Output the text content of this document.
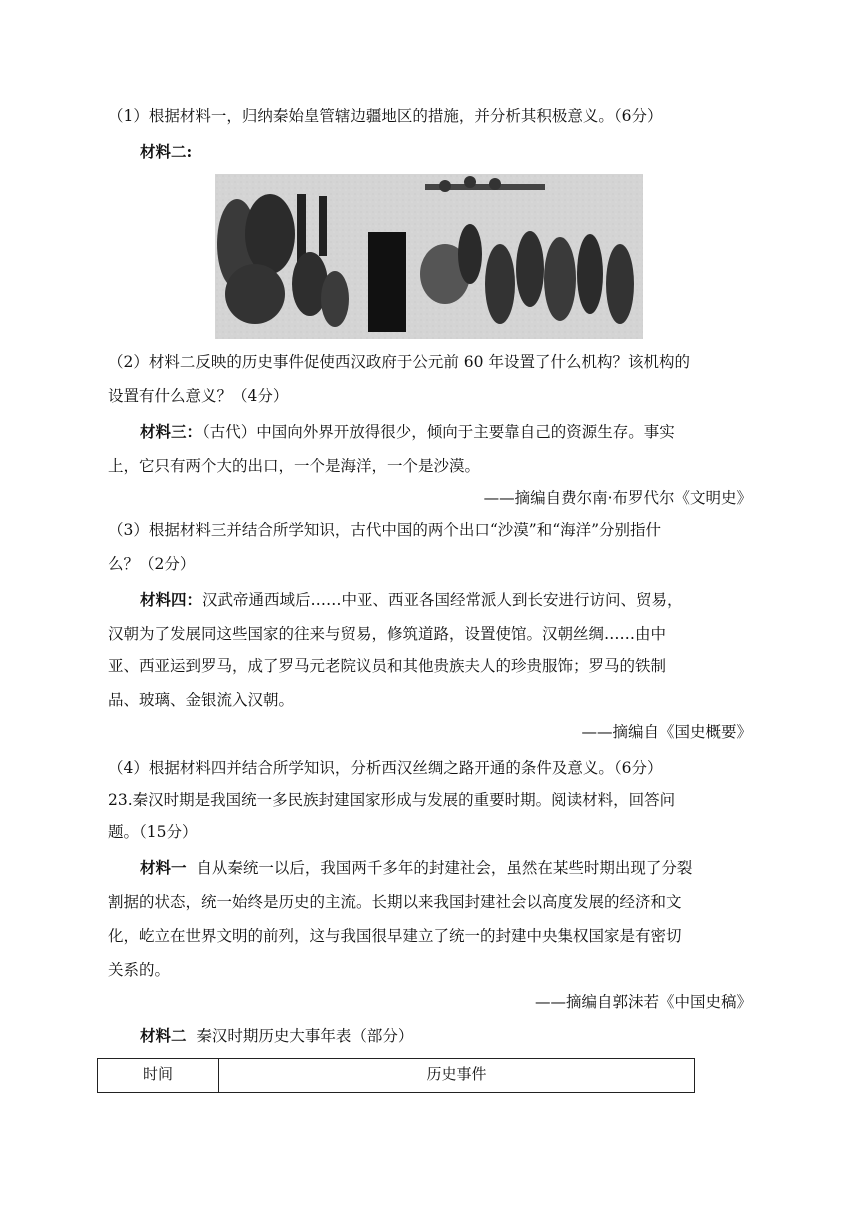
（1）根据材料一，归纳秦始皇管辖边疆地区的措施，并分析其积极意义。（6分）
材料二:
（2）材料二反映的历史事件促使西汉政府于公元前 60 年设置了什么机构？该机构的
设置有什么意义？（4分）
材料三：（古代）中国向外界开放得很少，倾向于主要靠自己的资源生存。事实
上，它只有两个大的出口，一个是海洋，一个是沙漠。
——摘编自费尔南·布罗代尔《文明史》
（3）根据材料三并结合所学知识，古代中国的两个出口“沙漠”和“海洋”分别指什
么？（2分）
材料四：汉武帝通西域后……中亚、西亚各国经常派人到长安进行访问、贸易，
汉朝为了发展同这些国家的往来与贸易，修筑道路，设置使馆。汉朝丝绸……由中
亚、西亚运到罗马，成了罗马元老院议员和其他贵族夫人的珍贵服饰；罗马的铁制
品、玻璃、金银流入汉朝。
——摘编自《国史概要》
（4）根据材料四并结合所学知识，分析西汉丝绸之路开通的条件及意义。（6分）
23.秦汉时期是我国统一多民族封建国家形成与发展的重要时期。阅读材料，回答问
题。（15分）
材料一 自从秦统一以后，我国两千多年的封建社会，虽然在某些时期出现了分裂
割据的状态，统一始终是历史的主流。长期以来我国封建社会以高度发展的经济和文
化，屹立在世界文明的前列，这与我国很早建立了统一的封建中央集权国家是有密切
关系的。
——摘编自郭沫若《中国史稿》
材料二 秦汉时期历史大事年表（部分）
时间	历史事件
